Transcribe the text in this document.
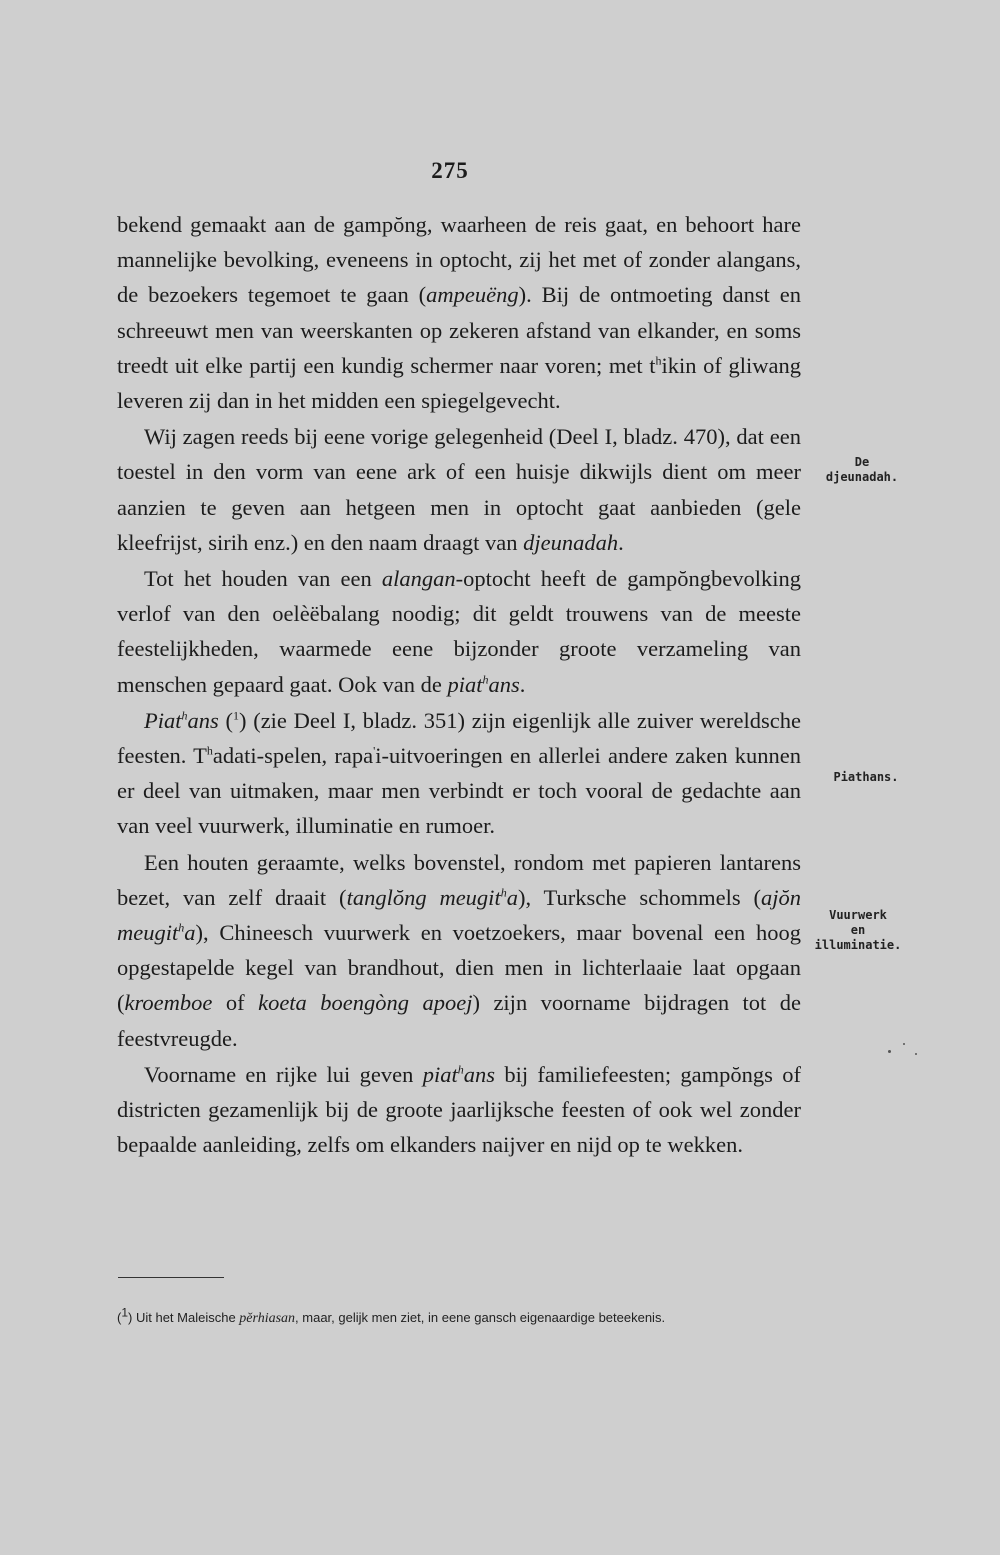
275

bekend gemaakt aan de gampŏng, waarheen de reis gaat, en behoort hare mannelijke bevolking, eveneens in optocht, zij het met of zonder alangans, de bezoekers tegemoet te gaan (ampeuëng). Bij de ontmoeting danst en schreeuwt men van weerskanten op zekeren afstand van elkander, en soms treedt uit elke partij een kundig schermer naar voren; met $t^hikin$ of gliwang leveren zij dan in het midden een spiegelgevecht.

Wij zagen reeds bij eene vorige gelegenheid (Deel I, bladz. 470), dat een toestel in den vorm van eene ark of een huisje dikwijls dient om meer aanzien te geven aan hetgeen men in optocht gaat aanbieden (gele kleefrijst, sirih enz.) en den naam draagt van djeunadah.

Tot het houden van een alangan-optocht heeft de gampŏngbevolking verlof van den oelèëbalang noodig; dit geldt trouwens van de meeste feestelijkheden, waarmede eene bijzonder groote verzameling van menschen gepaard gaat. Ook van de piat$^h$ans.

Piat$^h$ans ($^1$) (zie Deel I, bladz. 351) zijn eigenlijk alle zuiver wereldsche feesten. $T^hadati$-spelen, rapa'i-uitvoeringen en allerlei andere zaken kunnen er deel van uitmaken, maar men verbindt er toch vooral de gedachte aan van veel vuurwerk, illuminatie en rumoer.

Een houten geraamte, welks bovenstel, rondom met papieren lantarens bezet, van zelf draait (tanglŏng meugit$^h$a), Turksche schommels (ajŏn meugit$^h$a), Chineesch vuurwerk en voetzoekers, maar bovenal een hoog opgestapelde kegel van brandhout, dien men in lichterlaaie laat opgaan (kroemboe of koeta boengòng apoej) zijn voorname bijdragen tot de feestvreugde.

Voorname en rijke lui geven piat$^h$ans bij familiefeesten; gampŏngs of districten gezamenlijk bij de groote jaarlijksche feesten of ook wel zonder bepaalde aanleiding, zelfs om elkanders naijver en nijd op te wekken.

De
djeunadah.
Piathans.
Vuurwerk
en
illuminatie.
($^1$) Uit het Maleische pĕrhiasan, maar, gelijk men ziet, in eene gansch eigenaardige beteekenis.
